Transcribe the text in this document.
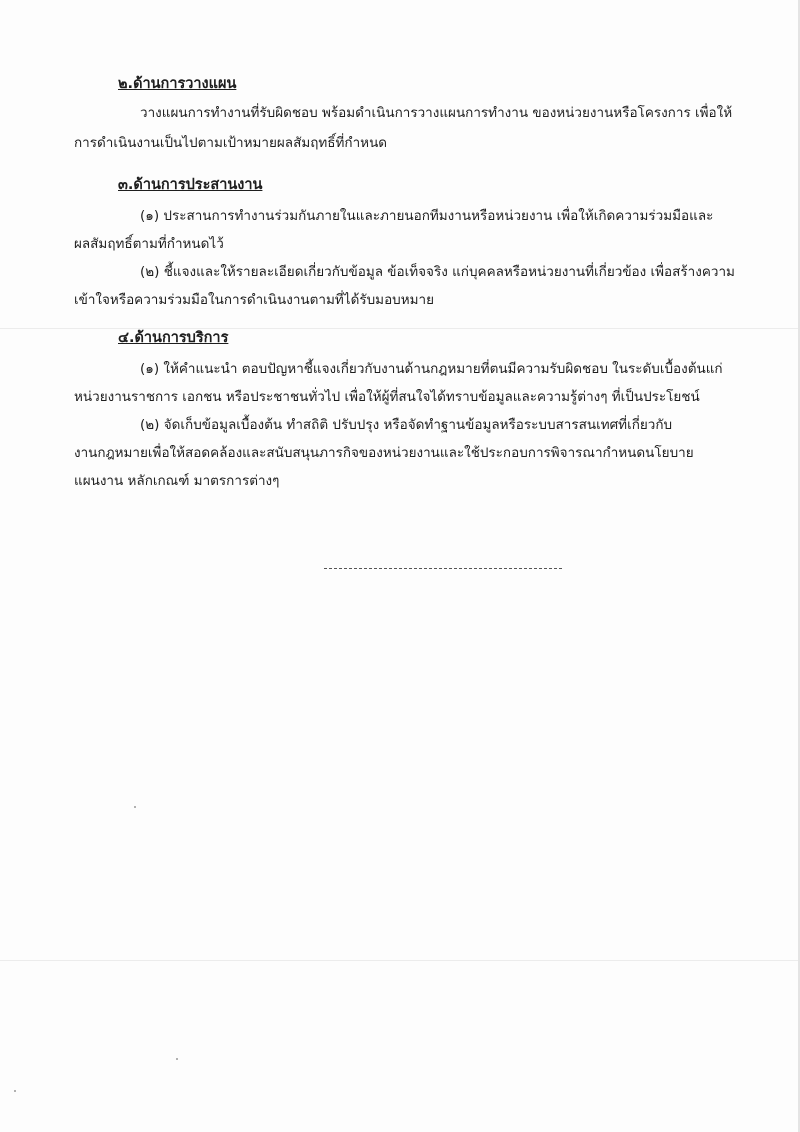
๒.ด้านการวางแผน
วางแผนการทำงานที่รับผิดชอบ พร้อมดำเนินการวางแผนการทำงาน ของหน่วยงานหรือโครงการ เพื่อให้
การดำเนินงานเป็นไปตามเป้าหมายผลสัมฤทธิ์ที่กำหนด
๓.ด้านการประสานงาน
(๑) ประสานการทำงานร่วมกันภายในและภายนอกทีมงานหรือหน่วยงาน เพื่อให้เกิดความร่วมมือและ
ผลสัมฤทธิ์ตามที่กำหนดไว้
(๒) ชี้แจงและให้รายละเอียดเกี่ยวกับข้อมูล ข้อเท็จจริง แก่บุคคลหรือหน่วยงานที่เกี่ยวข้อง เพื่อสร้างความ
เข้าใจหรือความร่วมมือในการดำเนินงานตามที่ได้รับมอบหมาย
๔.ด้านการบริการ
(๑) ให้คำแนะนำ ตอบปัญหาชี้แจงเกี่ยวกับงานด้านกฎหมายที่ตนมีความรับผิดชอบ ในระดับเบื้องต้นแก่
หน่วยงานราชการ เอกชน หรือประชาชนทั่วไป เพื่อให้ผู้ที่สนใจได้ทราบข้อมูลและความรู้ต่างๆ ที่เป็นประโยชน์
(๒) จัดเก็บข้อมูลเบื้องต้น ทำสถิติ ปรับปรุง หรือจัดทำฐานข้อมูลหรือระบบสารสนเทศที่เกี่ยวกับ
งานกฎหมายเพื่อให้สอดคล้องและสนับสนุนภารกิจของหน่วยงานและใช้ประกอบการพิจารณากำหนดนโยบาย
แผนงาน หลักเกณฑ์ มาตรการต่างๆ
